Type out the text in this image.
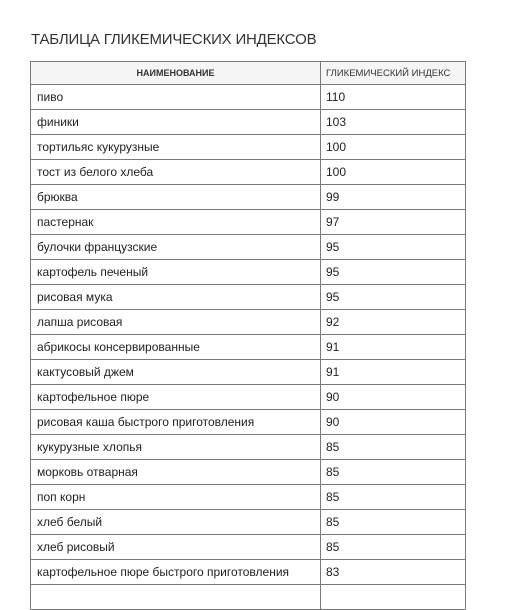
ТАБЛИЦА ГЛИКЕМИЧЕСКИХ ИНДЕКСОВ
НАИМЕНОВАНИЕ	ГЛИКЕМИЧЕСКИЙ ИНДЕКС
пиво	110
финики	103
тортильяс кукурузные	100
тост из белого хлеба	100
брюква	99
пастернак	97
булочки французские	95
картофель печеный	95
рисовая мука	95
лапша рисовая	92
абрикосы консервированные	91
кактусовый джем	91
картофельное пюре	90
рисовая каша быстрого приготовления	90
кукурузные хлопья	85
морковь отварная	85
поп корн	85
хлеб белый	85
хлеб рисовый	85
картофельное пюре быстрого приготовления	83
